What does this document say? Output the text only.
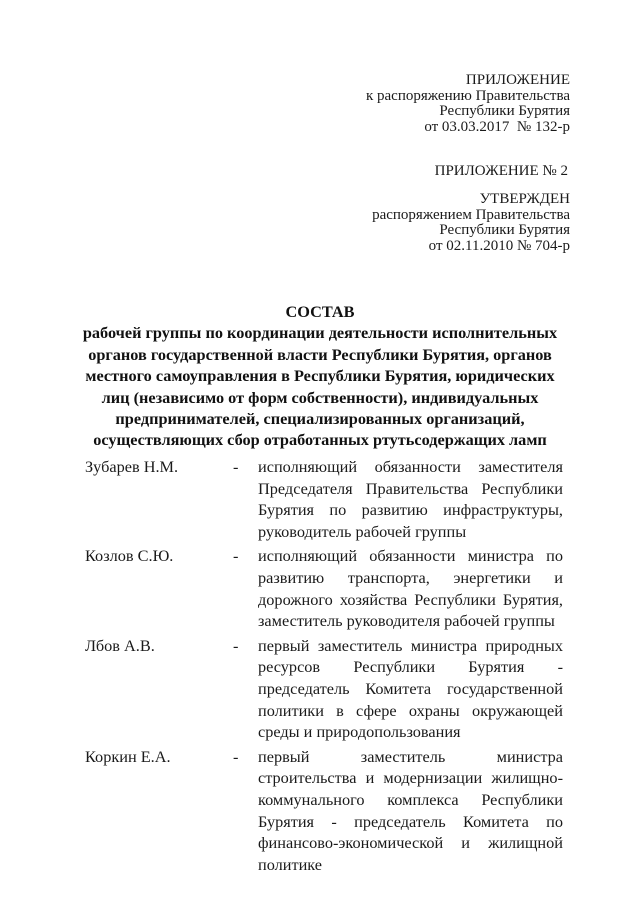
ПРИЛОЖЕНИЕ
к распоряжению Правительства
Республики Бурятия
от 03.03.2017  № 132-р
ПРИЛОЖЕНИЕ № 2
УТВЕРЖДЕН
распоряжением Правительства
Республики Бурятия
от 02.11.2010 № 704-р
СОСТАВ
рабочей группы по координации деятельности исполнительных органов государственной власти Республики Бурятия, органов местного самоуправления в Республики Бурятия, юридических лиц (независимо от форм собственности), индивидуальных предпринимателей, специализированных организаций, осуществляющих сбор отработанных ртутьсодержащих ламп
Зубарев Н.М.	-	исполняющий обязанности заместителя Председателя Правительства Республики Бурятия по развитию инфраструктуры, руководитель рабочей группы
Козлов С.Ю.	-	исполняющий обязанности министра по развитию транспорта, энергетики и дорожного хозяйства Республики Бурятия, заместитель руководителя рабочей группы
Лбов А.В.	-	первый заместитель министра природных ресурсов Республики Бурятия - председатель Комитета государственной политики в сфере охраны окружающей среды и природопользования
Коркин Е.А.	-	первый заместитель министра строительства и модернизации жилищно-коммунального комплекса Республики Бурятия - председатель Комитета по финансово-экономической и жилищной политике
